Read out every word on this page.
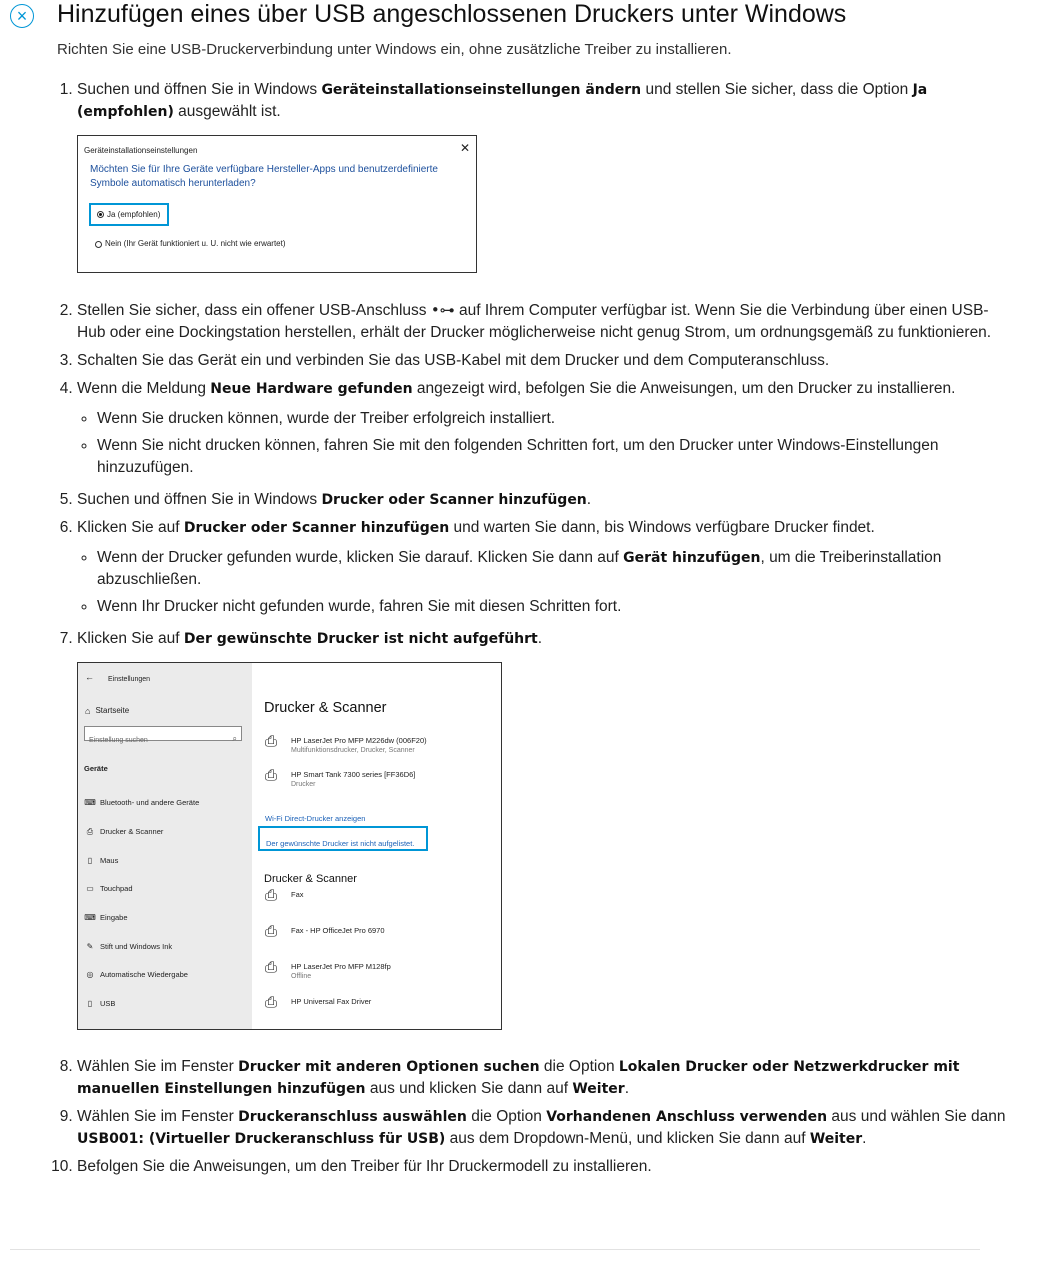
× Hinzufügen eines über USB angeschlossenen Druckers unter Windows

Richten Sie eine USB-Druckerverbindung unter Windows ein, ohne zusätzliche Treiber zu installieren.

1. Suchen und öffnen Sie in Windows Geräteinstallationseinstellungen ändern und stellen Sie sicher, dass die Option Ja (empfohlen) ausgewählt ist.
Geräteinstallationseinstellungen	✕
Möchten Sie für Ihre Geräte verfügbare Hersteller-Apps und benutzerdefinierte Symbole automatisch herunterladen?
Ja (empfohlen)
Nein (Ihr Gerät funktioniert u. U. nicht wie erwartet)
2. Stellen Sie sicher, dass ein offener USB-Anschluss •⊶ auf Ihrem Computer verfügbar ist. Wenn Sie die Verbindung über einen USB-Hub oder eine Dockingstation herstellen, erhält der Drucker möglicherweise nicht genug Strom, um ordnungsgemäß zu funktionieren.
3. Schalten Sie das Gerät ein und verbinden Sie das USB-Kabel mit dem Drucker und dem Computeranschluss.
4. Wenn die Meldung Neue Hardware gefunden angezeigt wird, befolgen Sie die Anweisungen, um den Drucker zu installieren.
◦ Wenn Sie drucken können, wurde der Treiber erfolgreich installiert.
◦ Wenn Sie nicht drucken können, fahren Sie mit den folgenden Schritten fort, um den Drucker unter Windows-Einstellungen hinzuzufügen.
5. Suchen und öffnen Sie in Windows Drucker oder Scanner hinzufügen.
6. Klicken Sie auf Drucker oder Scanner hinzufügen und warten Sie dann, bis Windows verfügbare Drucker findet.
◦ Wenn der Drucker gefunden wurde, klicken Sie darauf. Klicken Sie dann auf Gerät hinzufügen, um die Treiberinstallation abzuschließen.
◦ Wenn Ihr Drucker nicht gefunden wurde, fahren Sie mit diesen Schritten fort.
7. Klicken Sie auf Der gewünschte Drucker ist nicht aufgeführt.
← Einstellungen
⌂ Startseite
Einstellung suchen	⌕
Geräte
⌨ Bluetooth- und andere Geräte
⎙ Drucker & Scanner
▯	Maus
▭ Touchpad
⌨ Eingabe
✎ Stift und Windows Ink
◎ Automatische Wiedergabe
▯	USB
Drucker & Scanner
⎙	HP LaserJet Pro MFP M226dw (006F20)
Multifunktionsdrucker, Drucker, Scanner
⎙	HP Smart Tank 7300 series [FF36D6]
Drucker
Wi-Fi Direct-Drucker anzeigen
Der gewünschte Drucker ist nicht aufgelistet.
Drucker & Scanner
⎙	Fax
⎙	Fax - HP OfficeJet Pro 6970
⎙	HP LaserJet Pro MFP M128fp
Offline
⎙	HP Universal Fax Driver
8. Wählen Sie im Fenster Drucker mit anderen Optionen suchen die Option Lokalen Drucker oder Netzwerkdrucker mit manuellen Einstellungen hinzufügen aus und klicken Sie dann auf Weiter.
9. Wählen Sie im Fenster Druckeranschluss auswählen die Option Vorhandenen Anschluss verwenden aus und wählen Sie dann USB001: (Virtueller Druckeranschluss für USB) aus dem Dropdown-Menü, und klicken Sie dann auf Weiter.
10. Befolgen Sie die Anweisungen, um den Treiber für Ihr Druckermodell zu installieren.
